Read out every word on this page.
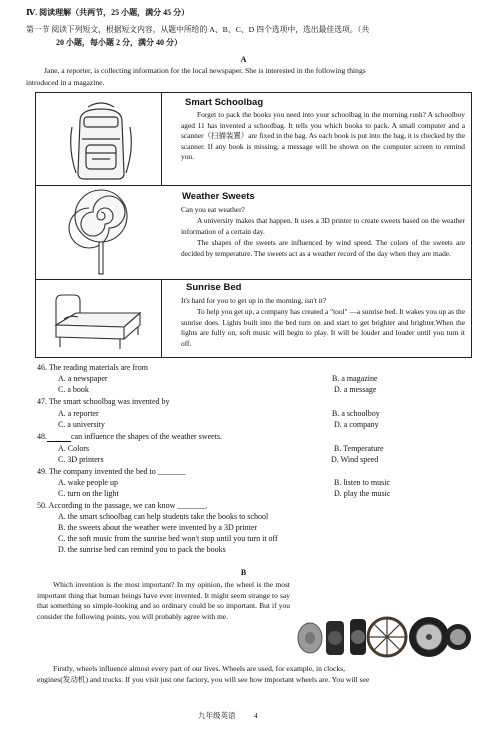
Ⅳ. 阅读理解（共两节，25 小题，满分 45 分）
第一节 阅读下列短文，根据短文内容，从题中所给的 A、B、C、D 四个选项中，选出最佳选项。（共
20 小题，每小题 2 分，满分 40 分）
A
Jane, a reporter, is collecting information for the local newspaper. She is interested in the following things
introduced in a magazine.
Smart Schoolbag
Forget to pack the books you need into your schoolbag in the morning rush? A schoolboy aged 11 has invented a schoolbag. It tells you which books to pack. A small computer and a scanner（扫描装置）are fixed in the bag. As each book is put into the bag, it is checked by the scanner. If any book is missing, a message will be shown on the computer screen to remind you.
Weather Sweets
Can you eat weather?
A university makes that happen. It uses a 3D printer to create sweets based on the weather information of a certain day.
The shapes of the sweets are influenced by wind speed. The colors of the sweets are decided by temperature. The sweets act as a weather record of the day when they are made.
Sunrise Bed
It's hard for you to get up in the morning, isn't it?
To help you get up, a company has created a "tool" —a sunrise bed. It wakes you up as the sunrise does. Lights built into the bed turn on and start to get brighter and brighter.When the lights are fully on, soft music will begin to play. It will be louder and louder until you turn it off.
46. The reading materials are from
A. a newspaper	B. a magazine
C. a book	D. a message
47. The smart schoolbag was invented by
A. a reporter	B. a schoolboy
C. a university	D. a company
48.	can influence the shapes of the weather sweets.
A. Colors	B. Temperature
C. 3D printers	D. Wind speed
49. The company invented the bed to _______
A. wake people up	B. listen to music
C. turn on the light	D. play the music
50. According to the passage, we can know _______.
A. the smart schoolbag can help students take the books to school
B. the sweets about the weather were invented by a 3D printer
C. the soft music from the sunrise bed won't stop until you turn it off
D. the sunrise bed can remind you to pack the books
B
Which invention is the most important? In my opinion, the wheel is the most important thing that human beings have ever invented. It might seem strange to say that something so simple-looking and so ordinary could be so important. But if you consider the following points, you will probably agree with me.
Firstly, wheels influence almost every part of our lives. Wheels are used, for example, in clocks,
engines(发动机) and trucks. If you visit just one factory, you will see how important wheels are. You will see
九年级英语 4
